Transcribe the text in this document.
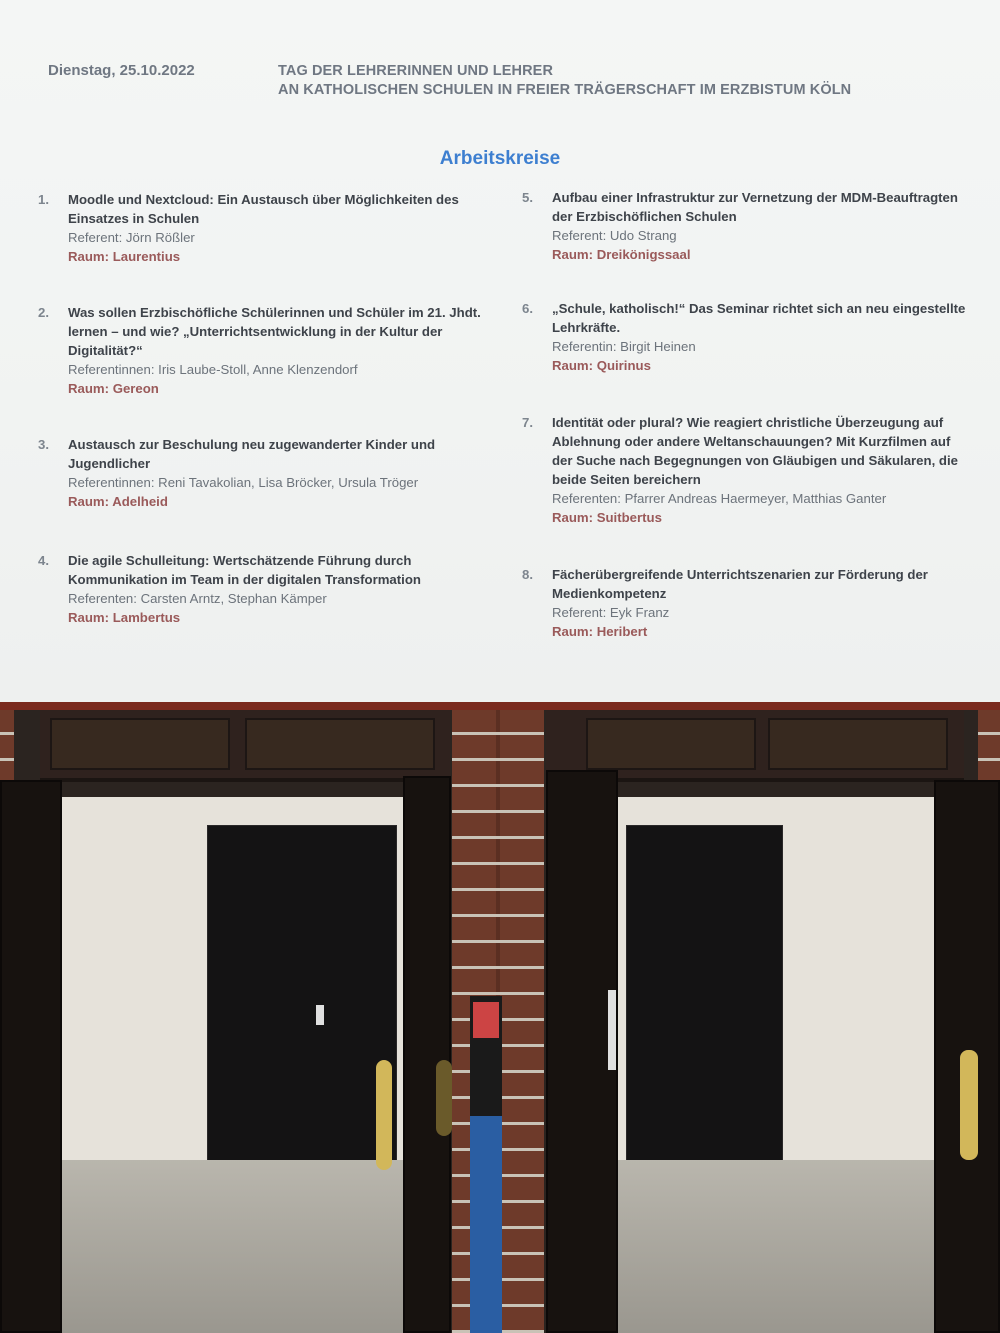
Dienstag, 25.10.2022	TAG DER LEHRERINNEN UND LEHRER
AN KATHOLISCHEN SCHULEN IN FREIER TRÄGERSCHAFT IM ERZBISTUM KÖLN
Arbeitskreise
1. Moodle und Nextcloud: Ein Austausch über Möglichkeiten des Einsatzes in Schulen
Referent: Jörn Rößler
Raum: Laurentius
2. Was sollen Erzbischöfliche Schülerinnen und Schüler im 21. Jhdt. lernen – und wie? „Unterrichtsentwicklung in der Kultur der Digitalität?“
Referentinnen: Iris Laube-Stoll, Anne Klenzendorf
Raum: Gereon
3. Austausch zur Beschulung neu zugewanderter Kinder und Jugendlicher
Referentinnen: Reni Tavakolian, Lisa Bröcker, Ursula Tröger
Raum: Adelheid
4. Die agile Schulleitung: Wertschätzende Führung durch Kommunikation im Team in der digitalen Transformation
Referenten: Carsten Arntz, Stephan Kämper
Raum: Lambertus
5. Aufbau einer Infrastruktur zur Vernetzung der MDM-Beauftragten der Erzbischöflichen Schulen
Referent: Udo Strang
Raum: Dreikönigssaal
6. „Schule, katholisch!“ Das Seminar richtet sich an neu eingestellte Lehrkräfte.
Referentin: Birgit Heinen
Raum: Quirinus
7. Identität oder plural? Wie reagiert christliche Überzeugung auf Ablehnung oder andere Weltanschauungen? Mit Kurzfilmen auf der Suche nach Begegnungen von Gläubigen und Säkularen, die beide Seiten bereichern
Referenten: Pfarrer Andreas Haermeyer, Matthias Ganter
Raum: Suitbertus
8. Fächerübergreifende Unterrichtszenarien zur Förderung der Medienkompetenz
Referent: Eyk Franz
Raum: Heribert
